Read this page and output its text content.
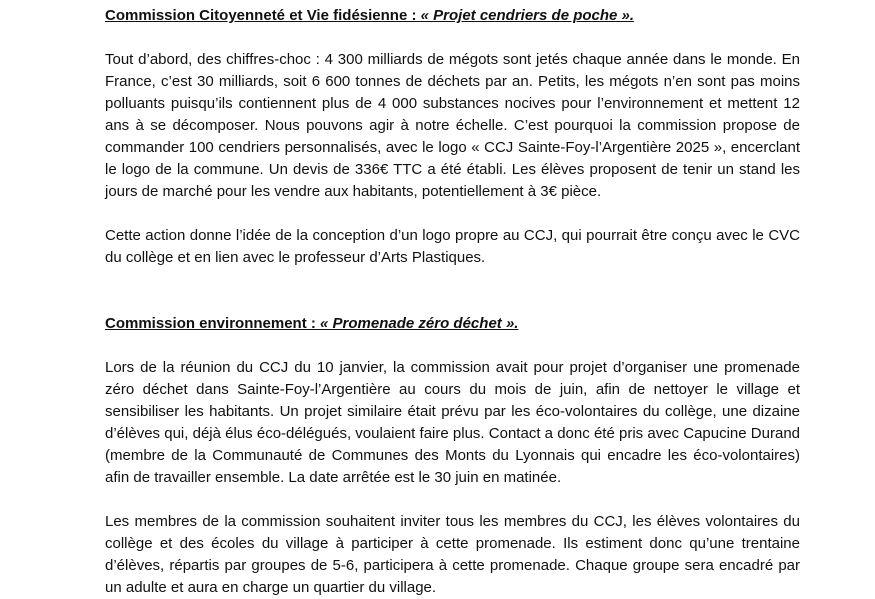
Commission Citoyenneté et Vie fidésienne : « Projet cendriers de poche ».

Tout d’abord, des chiffres-choc : 4 300 milliards de mégots sont jetés chaque année dans le monde. En France, c’est 30 milliards, soit 6 600 tonnes de déchets par an. Petits, les mégots n’en sont pas moins polluants puisqu’ils contiennent plus de 4 000 substances nocives pour l’environnement et mettent 12 ans à se décomposer. Nous pouvons agir à notre échelle. C’est pourquoi la commission propose de commander 100 cendriers personnalisés, avec le logo « CCJ Sainte-Foy-l’Argentière 2025 », encerclant le logo de la commune. Un devis de 336€ TTC a été établi. Les élèves proposent de tenir un stand les jours de marché pour les vendre aux habitants, potentiellement à 3€ pièce.

Cette action donne l’idée de la conception d’un logo propre au CCJ, qui pourrait être conçu avec le CVC du collège et en lien avec le professeur d’Arts Plastiques.

Commission environnement : « Promenade zéro déchet ».

Lors de la réunion du CCJ du 10 janvier, la commission avait pour projet d’organiser une promenade zéro déchet dans Sainte-Foy-l’Argentière au cours du mois de juin, afin de nettoyer le village et sensibiliser les habitants. Un projet similaire était prévu par les éco-volontaires du collège, une dizaine d’élèves qui, déjà élus éco-délégués, voulaient faire plus. Contact a donc été pris avec Capucine Durand (membre de la Communauté de Communes des Monts du Lyonnais qui encadre les éco-volontaires) afin de travailler ensemble. La date arrêtée est le 30 juin en matinée.

Les membres de la commission souhaitent inviter tous les membres du CCJ, les élèves volontaires du collège et des écoles du village à participer à cette promenade. Ils estiment donc qu’une trentaine d’élèves, répartis par groupes de 5-6, participera à cette promenade. Chaque groupe sera encadré par un adulte et aura en charge un quartier du village.
